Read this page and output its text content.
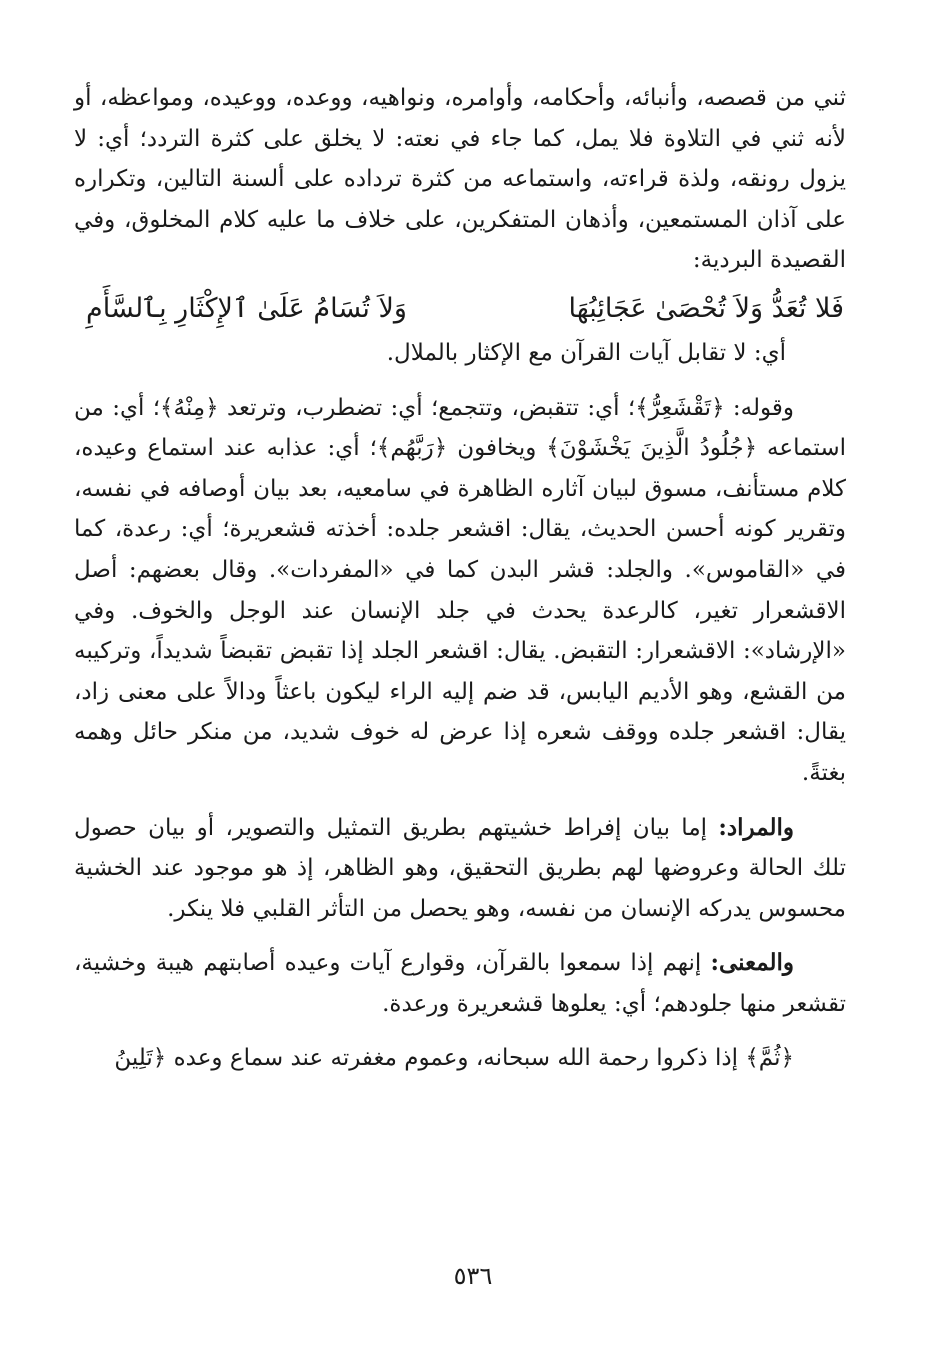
ثني من قصصه، وأنبائه، وأحكامه، وأوامره، ونواهيه، ووعده، ووعيده، ومواعظه، أو لأنه ثني في التلاوة فلا يمل، كما جاء في نعته: لا يخلق على كثرة التردد؛ أي: لا يزول رونقه، ولذة قراءته، واستماعه من كثرة ترداده على ألسنة التالين، وتكراره على آذان المستمعين، وأذهان المتفكرين، على خلاف ما عليه كلام المخلوق، وفي القصيدة البردية:

فَلا تُعَدُّ وَلاَ تُحْصَىٰ عَجَائِبُهَا
وَلاَ تُسَامُ عَلَىٰ ٱلإِكْثَارِ بِٱلسَّأَمِ

أي: لا تقابل آيات القرآن مع الإكثار بالملال.

وقوله: ﴿تَقْشَعِرُّ﴾؛ أي: تتقبض، وتتجمع؛ أي: تضطرب، وترتعد ﴿مِنْهُ﴾؛ أي: من استماعه ﴿جُلُودُ الَّذِينَ يَخْشَوْنَ﴾ ويخافون ﴿رَبَّهُم﴾؛ أي: عذابه عند استماع وعيده، كلام مستأنف، مسوق لبيان آثاره الظاهرة في سامعيه، بعد بيان أوصافه في نفسه، وتقرير كونه أحسن الحديث، يقال: اقشعر جلده: أخذته قشعريرة؛ أي: رعدة، كما في «القاموس». والجلد: قشر البدن كما في «المفردات». وقال بعضهم: أصل الاقشعرار تغير، كالرعدة يحدث في جلد الإنسان عند الوجل والخوف. وفي «الإرشاد»: الاقشعرار: التقبض. يقال: اقشعر الجلد إذا تقبض تقبضاً شديداً، وتركيبه من القشع، وهو الأديم اليابس، قد ضم إليه الراء ليكون باعثاً ودالاً على معنى زاد، يقال: اقشعر جلده ووقف شعره إذا عرض له خوف شديد، من منكر حائل وهمه بغتةً.

والمراد: إما بيان إفراط خشيتهم بطريق التمثيل والتصوير، أو بيان حصول تلك الحالة وعروضها لهم بطريق التحقيق، وهو الظاهر، إذ هو موجود عند الخشية محسوس يدركه الإنسان من نفسه، وهو يحصل من التأثر القلبي فلا ينكر.

والمعنى: إنهم إذا سمعوا بالقرآن، وقوارع آيات وعيده أصابتهم هيبة وخشية، تقشعر منها جلودهم؛ أي: يعلوها قشعريرة ورعدة.

﴿ثُمَّ﴾ إذا ذكروا رحمة الله سبحانه، وعموم مغفرته عند سماع وعده ﴿تَلِينُ

٥٣٦
